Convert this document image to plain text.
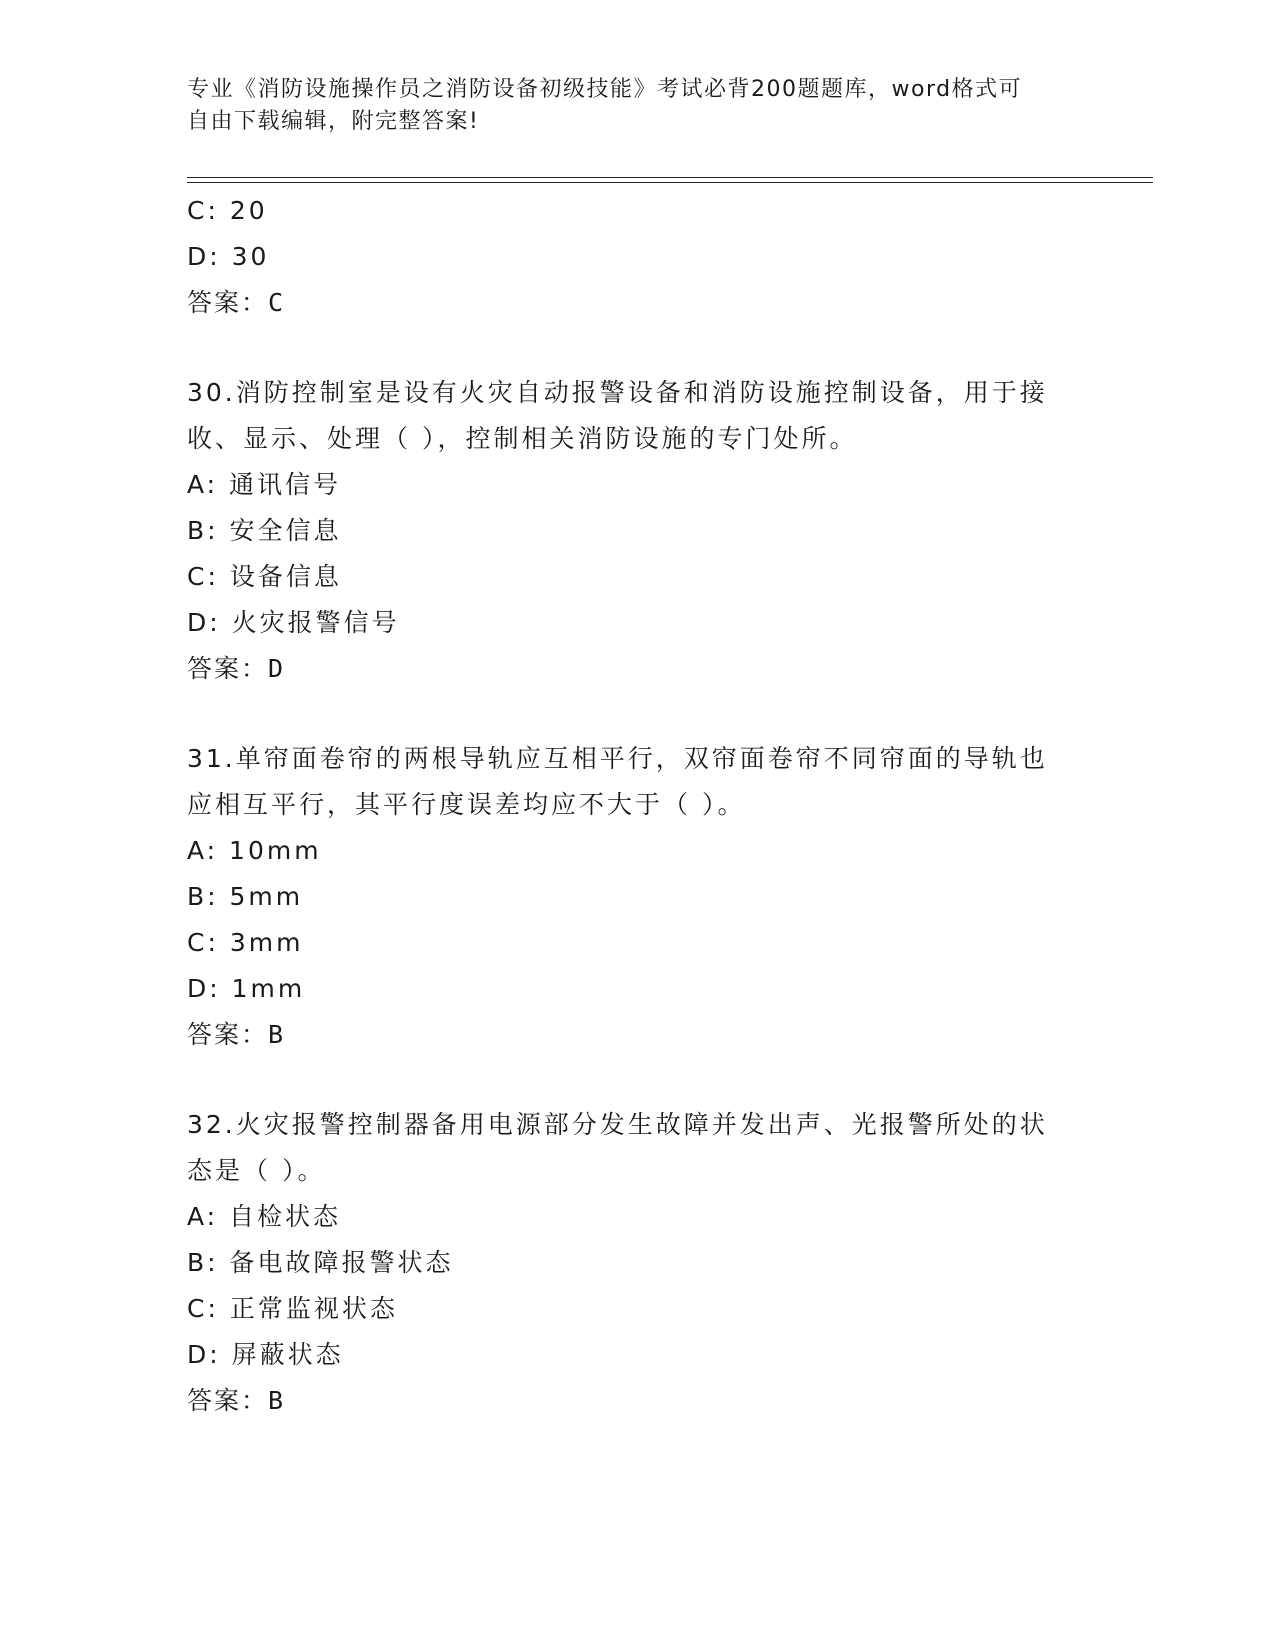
专业《消防设施操作员之消防设备初级技能》考试必背200题题库，word格式可
自由下载编辑，附完整答案!
C: 20
D: 30
答案：C
30.消防控制室是设有火灾自动报警设备和消防设施控制设备，用于接
收、显示、处理（ ），控制相关消防设施的专门处所。
A: 通讯信号
B: 安全信息
C: 设备信息
D: 火灾报警信号
答案：D
31.单帘面卷帘的两根导轨应互相平行，双帘面卷帘不同帘面的导轨也
应相互平行，其平行度误差均应不大于（ ）。
A: 10mm
B: 5mm
C: 3mm
D: 1mm
答案：B
32.火灾报警控制器备用电源部分发生故障并发出声、光报警所处的状
态是（ ）。
A: 自检状态
B: 备电故障报警状态
C: 正常监视状态
D: 屏蔽状态
答案：B
